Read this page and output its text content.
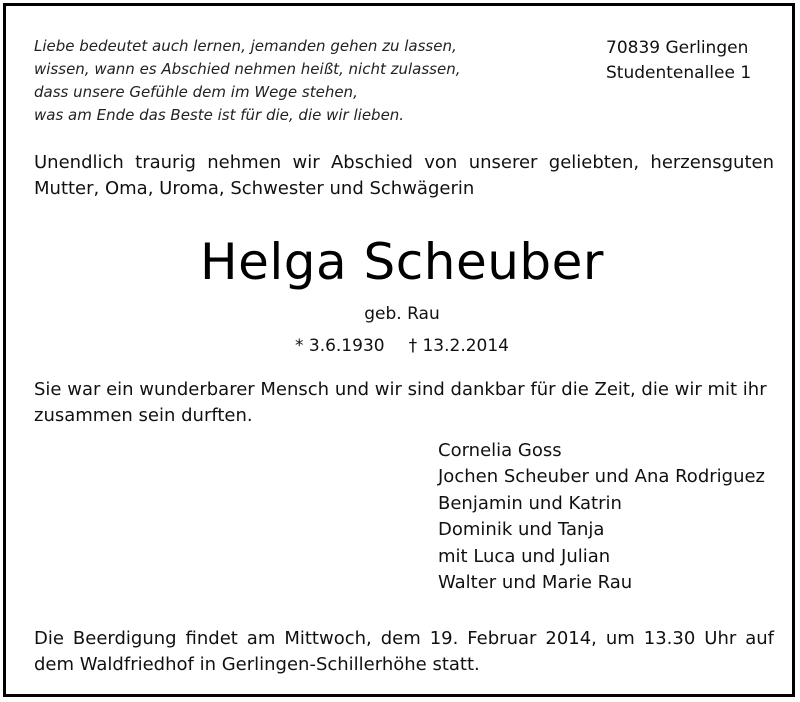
Liebe bedeutet auch lernen, jemanden gehen zu lassen,
wissen, wann es Abschied nehmen heißt, nicht zulassen,
dass unsere Gefühle dem im Wege stehen,
was am Ende das Beste ist für die, die wir lieben.
70839 Gerlingen
Studentenallee 1
Unendlich traurig nehmen wir Abschied von unserer geliebten, herzensguten Mutter, Oma, Uroma, Schwester und Schwägerin
Helga Scheuber
geb. Rau
* 3.6.1930 † 13.2.2014
Sie war ein wunderbarer Mensch und wir sind dankbar für die Zeit, die wir mit ihr zusammen sein durften.
Cornelia Goss
Jochen Scheuber und Ana Rodriguez
Benjamin und Katrin
Dominik und Tanja
mit Luca und Julian
Walter und Marie Rau
Die Beerdigung findet am Mittwoch, dem 19. Februar 2014, um 13.30 Uhr auf dem Waldfriedhof in Gerlingen-Schillerhöhe statt.
